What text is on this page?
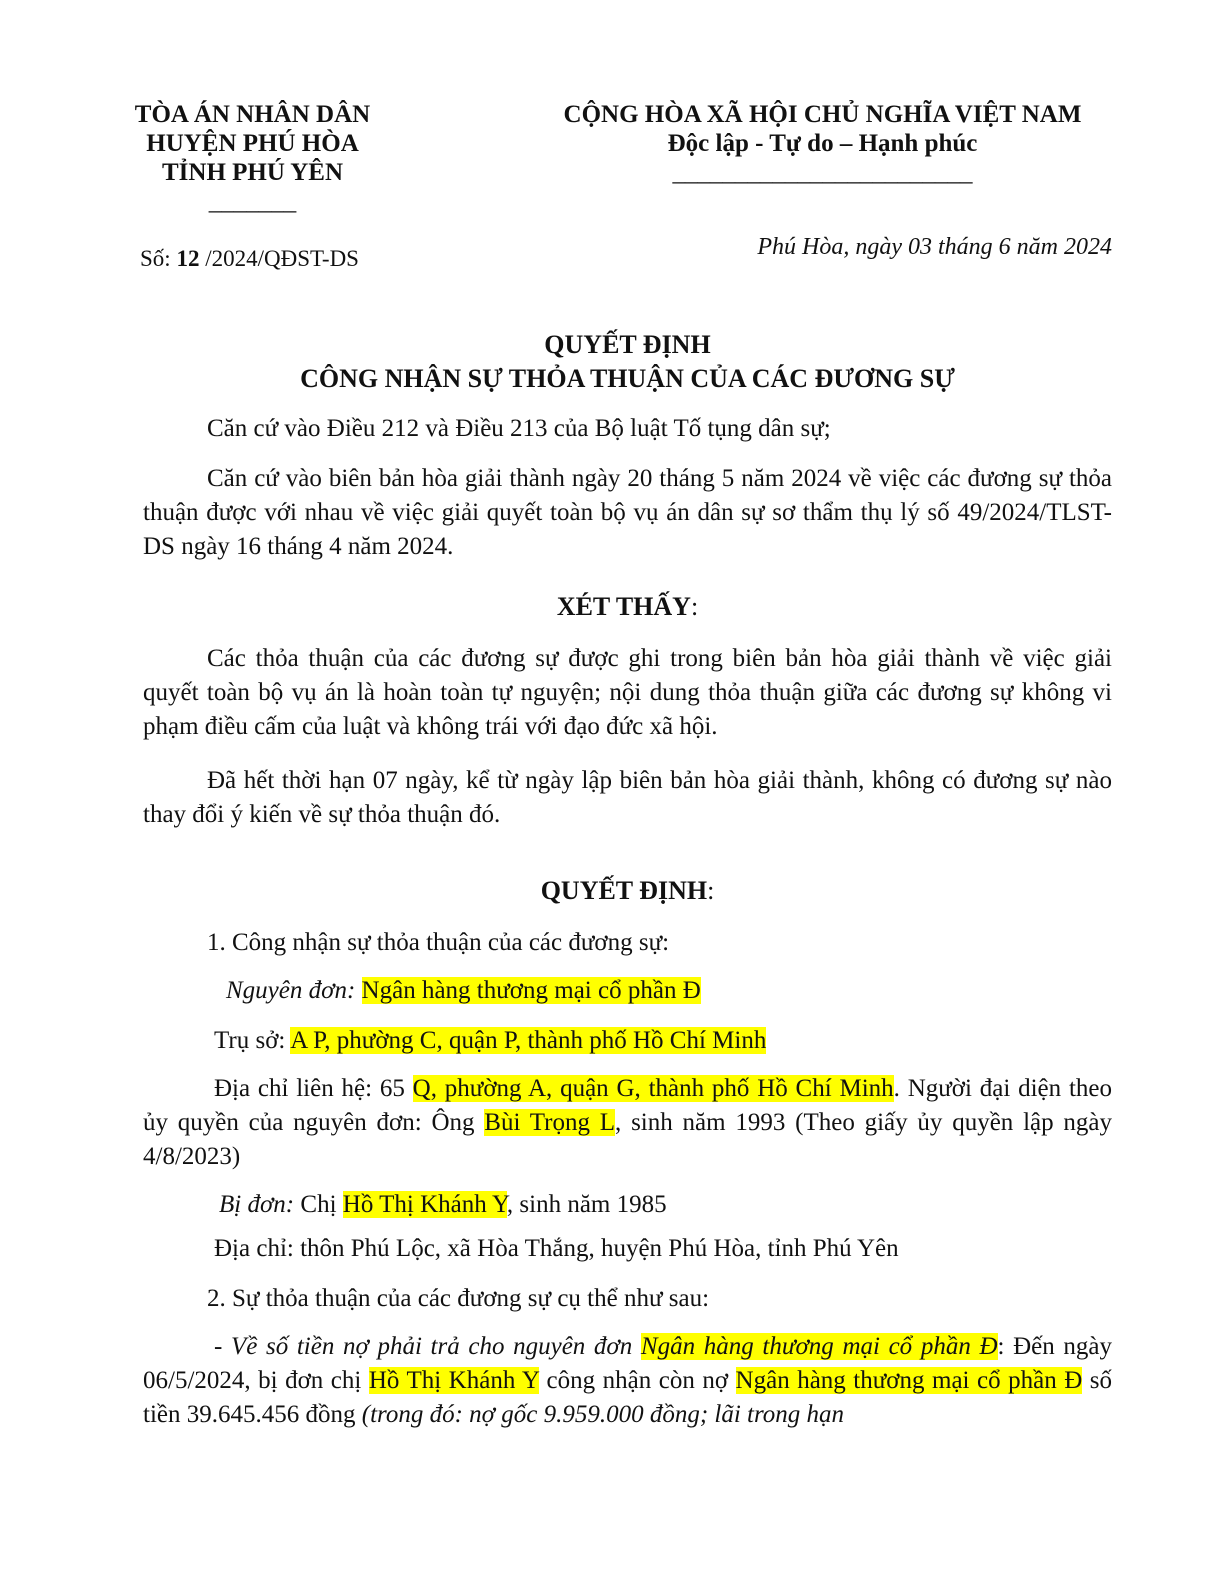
TÒA ÁN NHÂN DÂN
HUYỆN PHÚ HÒA
TỈNH PHÚ YÊN
_______
CỘNG HÒA XÃ HỘI CHỦ NGHĨA VIỆT NAM
Độc lập - Tự do – Hạnh phúc
________________________
Số: 12 /2024/QĐST-DS	Phú Hòa, ngày 03 tháng 6 năm 2024
QUYẾT ĐỊNH
CÔNG NHẬN SỰ THỎA THUẬN CỦA CÁC ĐƯƠNG SỰ
Căn cứ vào Điều 212 và Điều 213 của Bộ luật Tố tụng dân sự;
Căn cứ vào biên bản hòa giải thành ngày 20 tháng 5 năm 2024 về việc các đương sự thỏa thuận được với nhau về việc giải quyết toàn bộ vụ án dân sự sơ thẩm thụ lý số 49/2024/TLST-DS ngày 16 tháng 4 năm 2024.
XÉT THẤY:
Các thỏa thuận của các đương sự được ghi trong biên bản hòa giải thành về việc giải quyết toàn bộ vụ án là hoàn toàn tự nguyện; nội dung thỏa thuận giữa các đương sự không vi phạm điều cấm của luật và không trái với đạo đức xã hội.
Đã hết thời hạn 07 ngày, kể từ ngày lập biên bản hòa giải thành, không có đương sự nào thay đổi ý kiến về sự thỏa thuận đó.
QUYẾT ĐỊNH:
1. Công nhận sự thỏa thuận của các đương sự:
Nguyên đơn: Ngân hàng thương mại cổ phần Đ
Trụ sở: A P, phường C, quận P, thành phố Hồ Chí Minh
Địa chỉ liên hệ: 65 Q, phường A, quận G, thành phố Hồ Chí Minh. Người đại diện theo ủy quyền của nguyên đơn: Ông Bùi Trọng L, sinh năm 1993 (Theo giấy ủy quyền lập ngày 4/8/2023)
Bị đơn: Chị Hồ Thị Khánh Y, sinh năm 1985
Địa chỉ: thôn Phú Lộc, xã Hòa Thắng, huyện Phú Hòa, tỉnh Phú Yên
2. Sự thỏa thuận của các đương sự cụ thể như sau:
- Về số tiền nợ phải trả cho nguyên đơn Ngân hàng thương mại cổ phần Đ: Đến ngày 06/5/2024, bị đơn chị Hồ Thị Khánh Y công nhận còn nợ Ngân hàng thương mại cổ phần Đ số tiền 39.645.456 đồng (trong đó: nợ gốc 9.959.000 đồng; lãi trong hạn
